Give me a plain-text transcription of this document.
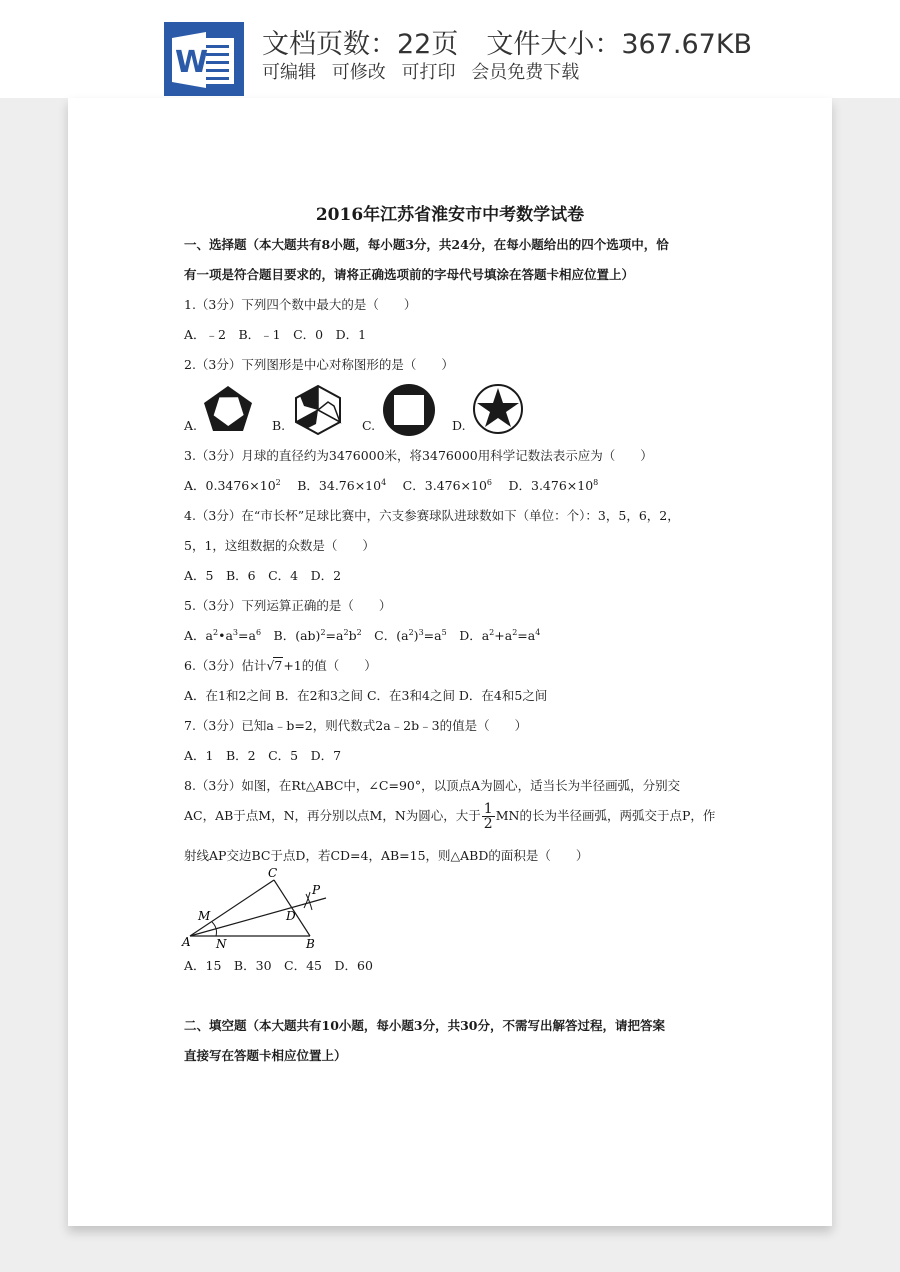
W
文档页数：22页 文件大小：367.67KB
可编辑 可修改 可打印 会员免费下载
2016年江苏省淮安市中考数学试卷
一、选择题（本大题共有8小题，每小题3分，共24分，在每小题给出的四个选项中，恰
有一项是符合题目要求的，请将正确选项前的字母代号填涂在答题卡相应位置上）
1.（3分）下列四个数中最大的是（　　）
A．﹣2　B．﹣1　C．0　D．1
2.（3分）下列图形是中心对称图形的是（　　）
A.	B.	C.	D.
3.（3分）月球的直径约为3476000米，将3476000用科学记数法表示应为（　　）
A．$0.3476\times 10^2$　 B．$34.76\times 10^4$　 C．$3.476\times 10^6$　 D．$3.476\times 10^8$
4.（3分）在“市长杯”足球比赛中，六支参赛球队进球数如下（单位：个）：3，5，6，2，
5，1，这组数据的众数是（　　）
A．5　B．6　C．4　D．2
5.（3分）下列运算正确的是（　　）
A．$a^2•a^3=a^6$　B．$(ab)^2=a^2b^2$　C．$(a^2)^3=a^5$　D．$a^2+a^2=a^4$
6.（3分）估计√7+1的值（　　）
A．在1和2之间 B．在2和3之间 C．在3和4之间 D．在4和5之间
7.（3分）已知a﹣b=2，则代数式2a﹣2b﹣3的值是（　　）
A．1　B．2　C．5　D．7
8.（3分）如图，在Rt△ABC中，∠C=90°，以顶点A为圆心，适当长为半径画弧，分别交
AC，AB于点M，N，再分别以点M，N为圆心，大于 $\frac{1}{2}$ MN的长为半径画弧，两弧交于点P，作
射线AP交边BC于点D，若CD=4，AB=15，则△ABD的面积是（　　）
C
P
M	D
A N	B
A．15　B．30　C．45　D．60
二、填空题（本大题共有10小题，每小题3分，共30分，不需写出解答过程，请把答案
直接写在答题卡相应位置上）
